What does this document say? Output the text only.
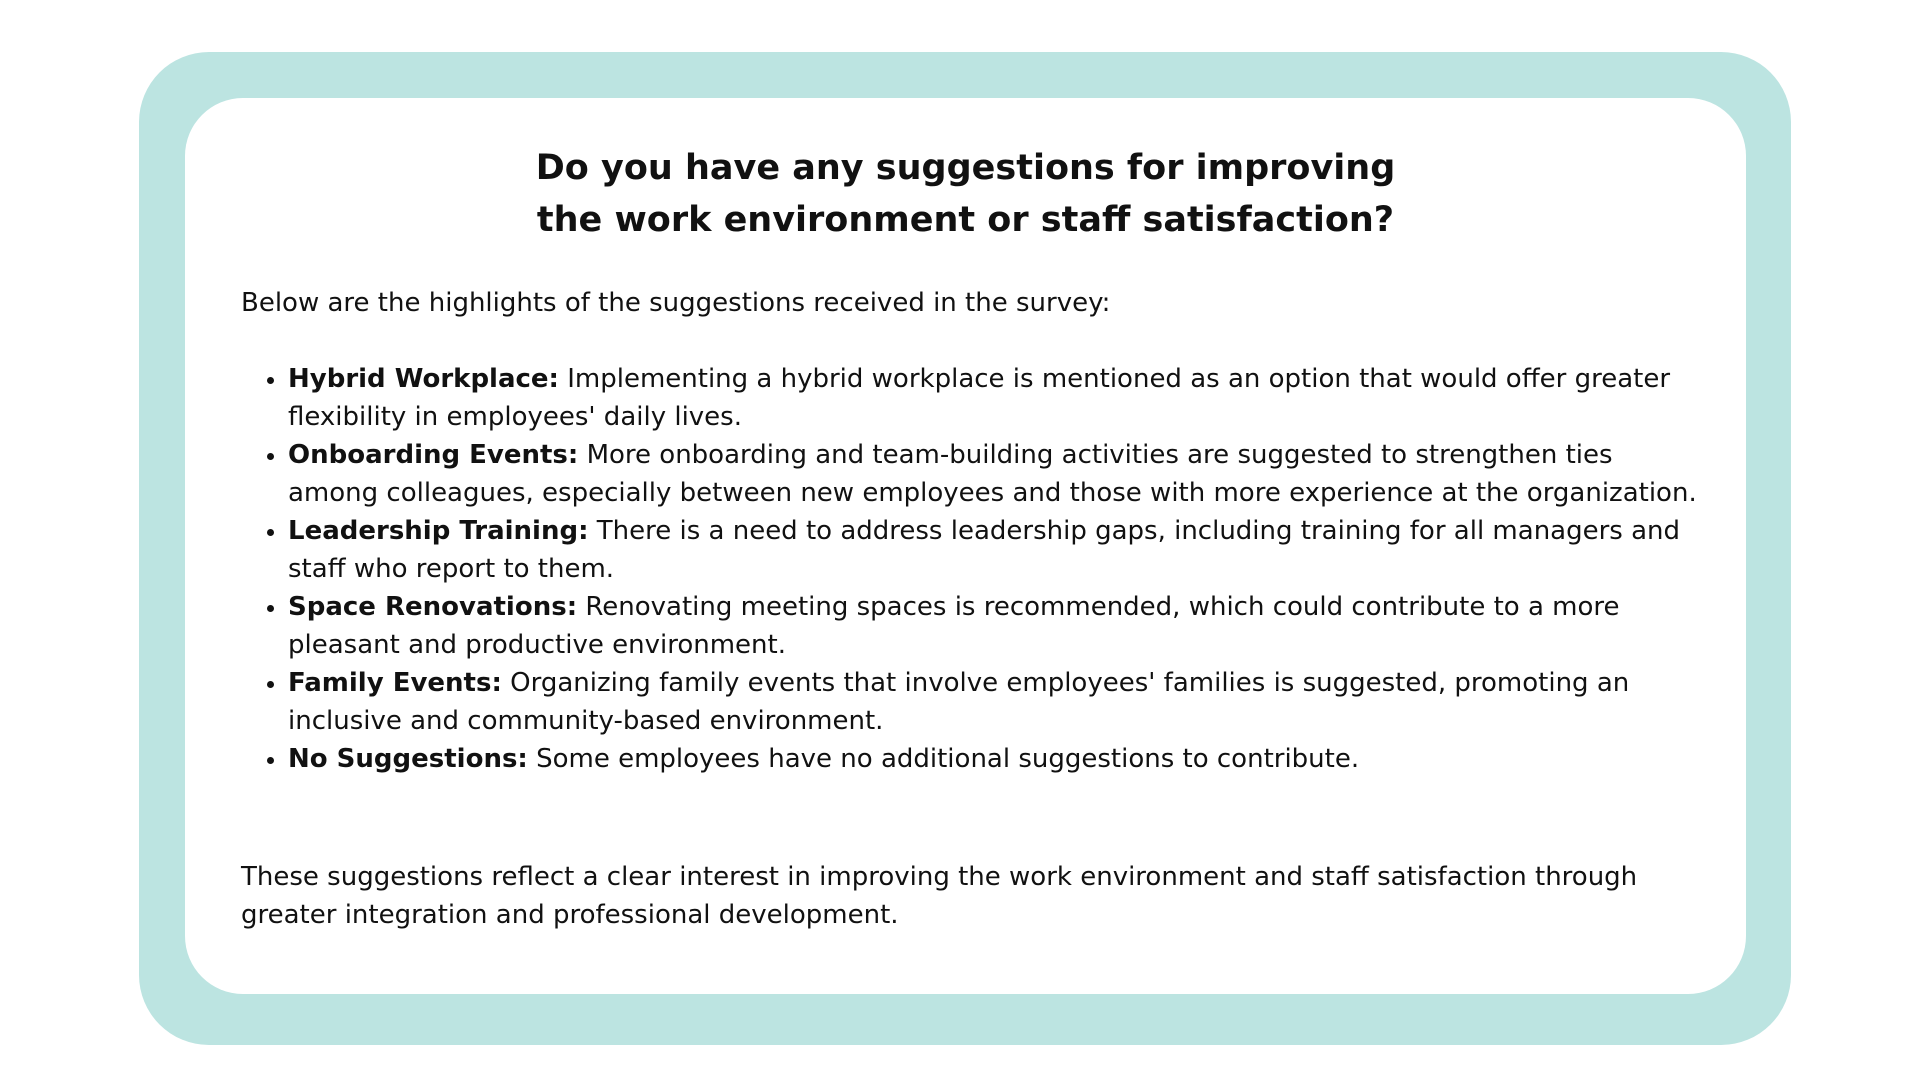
Do you have any suggestions for improving
the work environment or staff satisfaction?

Below are the highlights of the suggestions received in the survey:

• Hybrid Workplace: Implementing a hybrid workplace is mentioned as an option that would offer greater flexibility in employees' daily lives.
• Onboarding Events: More onboarding and team-building activities are suggested to strengthen ties among colleagues, especially between new employees and those with more experience at the organization.
• Leadership Training: There is a need to address leadership gaps, including training for all managers and staff who report to them.
• Space Renovations: Renovating meeting spaces is recommended, which could contribute to a more pleasant and productive environment.
• Family Events: Organizing family events that involve employees' families is suggested, promoting an inclusive and community-based environment.
• No Suggestions: Some employees have no additional suggestions to contribute.

These suggestions reflect a clear interest in improving the work environment and staff satisfaction through greater integration and professional development.
